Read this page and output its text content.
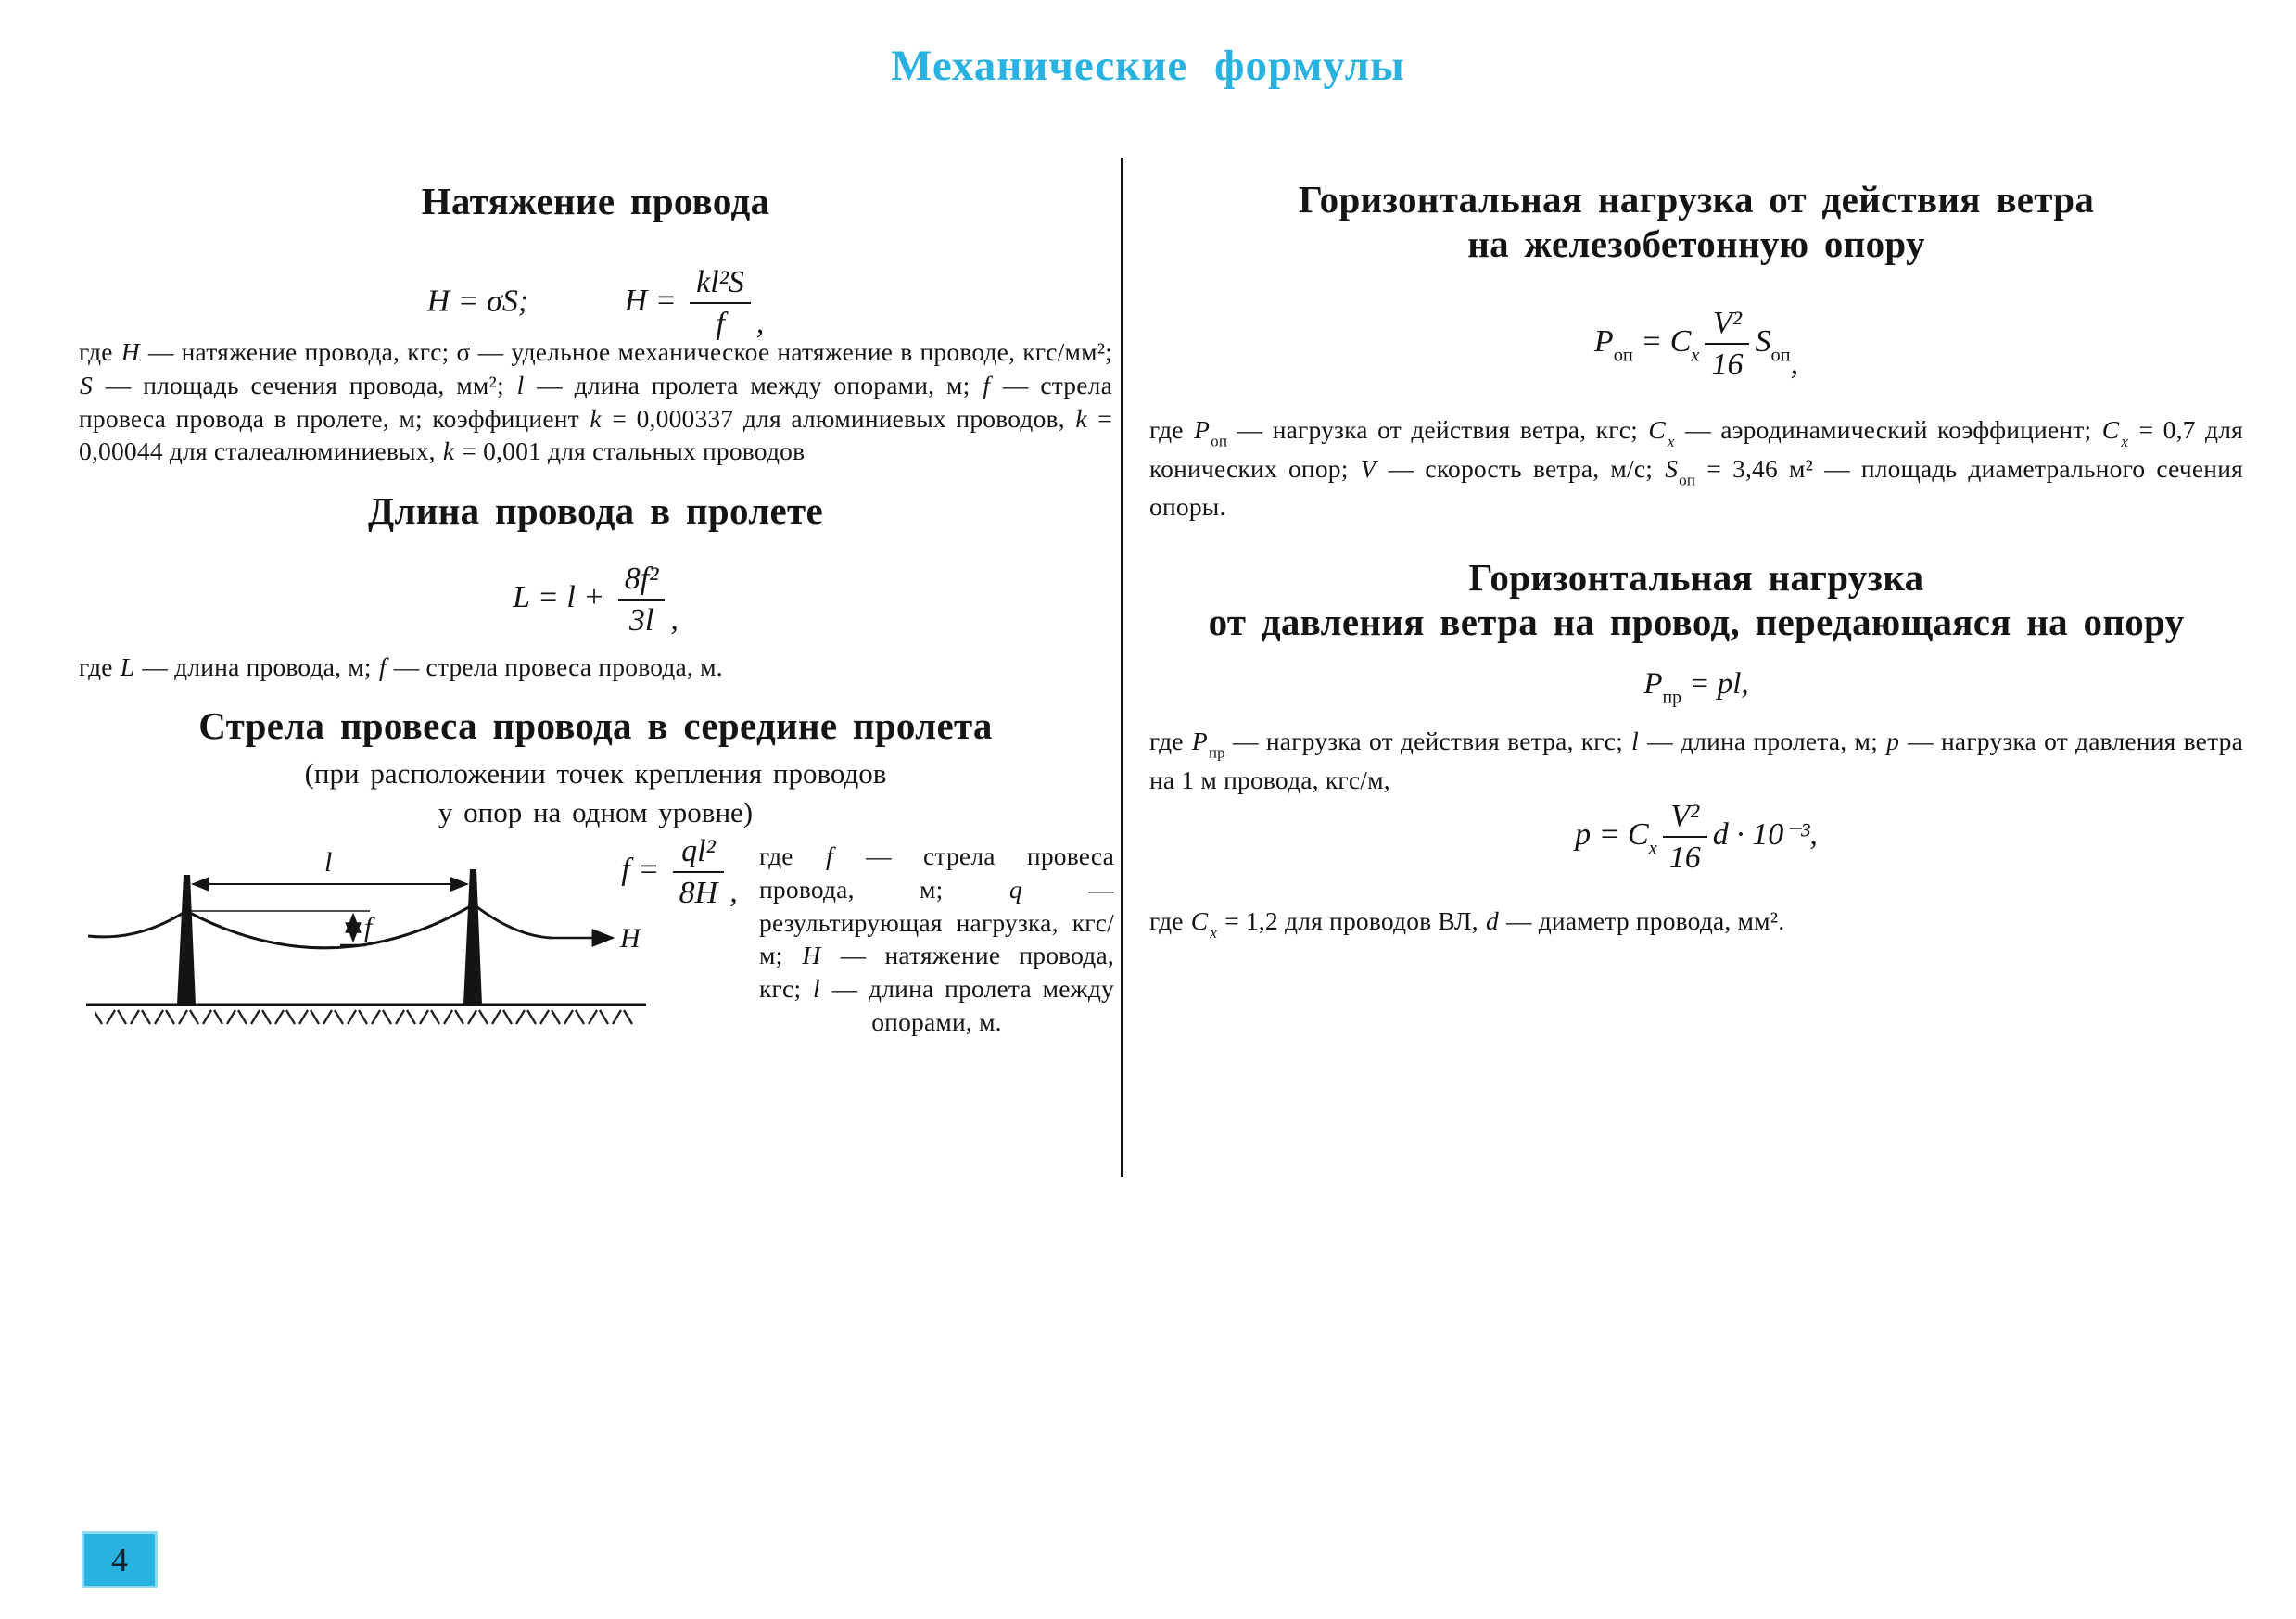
Механические формулы
Натяжение провода
H = σS;	$H = \frac{\text{kl²S}}{f}$ ,

где H — натяжение провода, кгс; σ — удельное механическое натяжение в проводе, кгс/мм²; S — площадь сечения провода, мм²; l — длина пролета между опорами, м; f — стрела провеса провода в пролете, м; коэффициент k = 0,000337 для алюминиевых проводов, k = 0,00044 для сталеалюминиевых, k = 0,001 для стальных проводов

Длина провода в пролете
$L = l + \frac{\text{8f²}}{3l}$ ,

где L — длина провода, м; f — стрела провеса провода, м.

Стрела провеса провода в середине пролета
(при расположении точек крепления проводов
у опор на одном уровне)
H
l
f
$f = \frac{\text{ql²}}{8H}$ ,

где f — стрела провеса провода, м; q — результирующая нагрузка, кгс/м; H — натяжение провода, кгс; l — длина пролета между опорами, м.

Горизонтальная нагрузка от действия ветра
на железобетонную опору
$P_{оп} = C_x \frac{\text{V²}}{16} S_{оп}$,

где $P_{оп}$ — нагрузка от действия ветра, кгс; C $_x$ — аэродинамический коэффициент; C $_x$ = 0,7 для конических опор; V — скорость ветра, м/с; $S_{оп} = 3,46$ м² — площадь диаметрального сечения опоры.

Горизонтальная нагрузка
от давления ветра на провод, передающаяся на опору
$P_{пр}$ = pl,

где $P_{пр}$ — нагрузка от действия ветра, кгс; l — длина пролета, м; p — нагрузка от давления ветра на 1 м провода, кгс/м,

$p = C_x \frac{\text{V²}}{16}$ d · 10⁻³,

где C $_x$ = 1,2 для проводов ВЛ, d — диаметр провода, мм².

4
